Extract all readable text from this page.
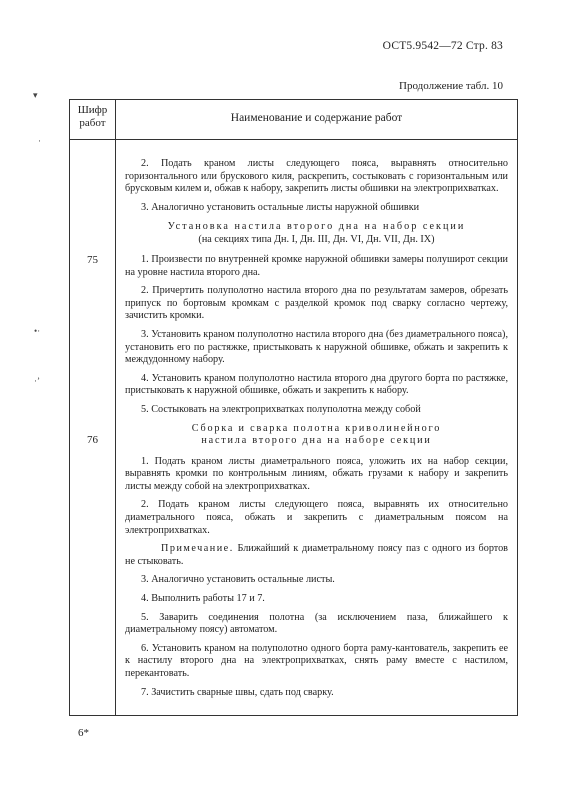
ОСТ5.9542—72 Стр. 83
Продолжение табл. 10
▾
·
•·
·ʼ
Шифр
работ	Наименование и содержание работ
75
76

2. Подать краном листы следующего пояса, выравнять относительно горизонтального или брускового киля, раскрепить, состыковать с горизонтальным или брусковым килем и, обжав к набору, закрепить листы обшивки на электроприхватках.

3. Аналогично установить остальные листы наружной обшивки

Установка настила второго дна на набор секции
(на секциях типа Дн. I, Дн. III, Дн. VI, Дн. VII, Дн. IX)

1. Произвести по внутренней кромке наружной обшивки замеры полуширот секции на уровне настила второго дна.

2. Причертить полуполотно настила второго дна по результатам замеров, обрезать припуск по бортовым кромкам с разделкой кромок под сварку согласно чертежу, зачистить кромки.

3. Установить краном полуполотно настила второго дна (без диаметрального пояса), установить его по растяжке, пристыковать к наружной обшивке, обжать и закрепить к междудонному набору.

4. Установить краном полуполотно настила второго дна другого борта по растяжке, пристыковать к наружной обшивке, обжать и закрепить к набору.

5. Состыковать на электроприхватках полуполотна между собой

Сборка и сварка полотна криволинейного
настила второго дна на наборе секции

1. Подать краном листы диаметрального пояса, уложить их на набор секции, выравнять кромки по контрольным линиям, обжать грузами к набору и закрепить листы между собой на электроприхватках.

2. Подать краном листы следующего пояса, выравнять их относительно диаметрального пояса, обжать и закрепить с диаметральным поясом на электроприхватках.

Примечание. Ближайший к диаметральному поясу паз с одного из бортов не стыковать.

3. Аналогично установить остальные листы.

4. Выполнить работы 17 и 7.

5. Заварить соединения полотна (за исключением паза, ближайшего к диаметральному поясу) автоматом.

6. Установить краном на полуполотно одного борта раму-кантователь, закрепить ее к настилу второго дна на электроприхватках, снять раму вместе с настилом, перекантовать.

7. Зачистить сварные швы, сдать под сварку.

6*
